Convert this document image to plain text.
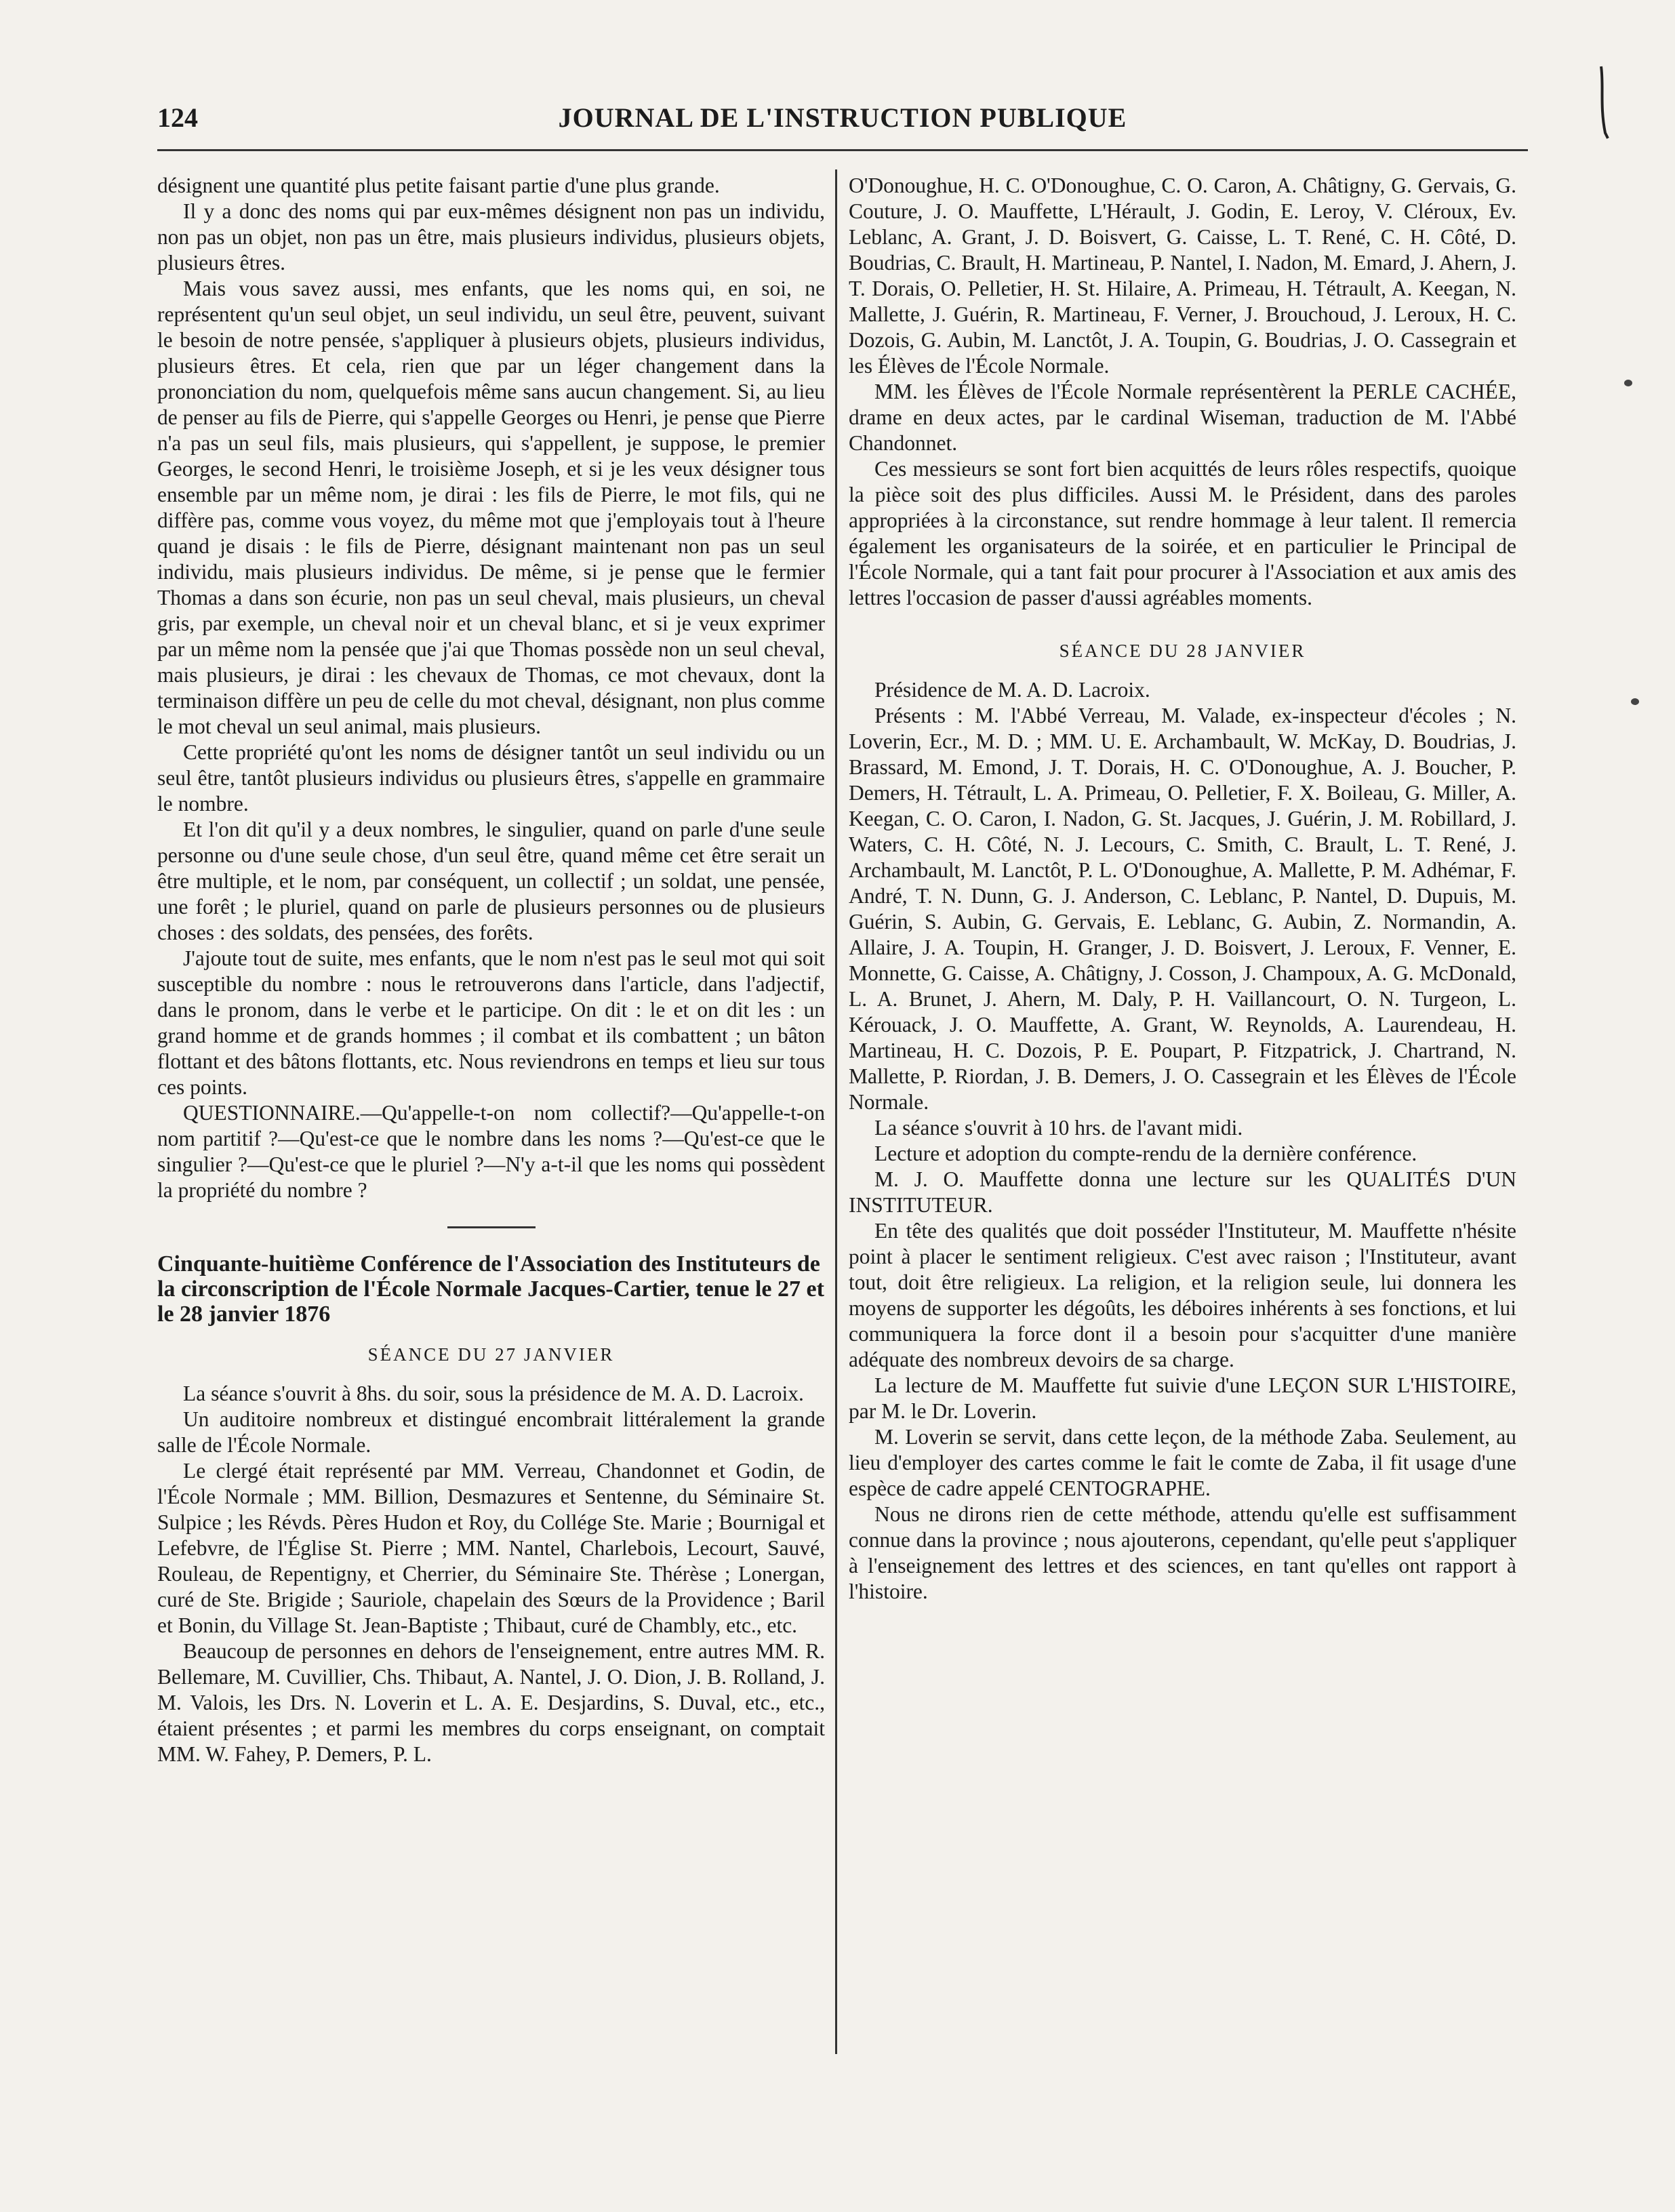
124	JOURNAL DE L'INSTRUCTION PUBLIQUE

désignent une quantité plus petite faisant partie d'une plus grande.

Il y a donc des noms qui par eux-mêmes désignent non pas un individu, non pas un objet, non pas un être, mais plusieurs individus, plusieurs objets, plusieurs êtres.

Mais vous savez aussi, mes enfants, que les noms qui, en soi, ne représentent qu'un seul objet, un seul individu, un seul être, peuvent, suivant le besoin de notre pensée, s'appliquer à plusieurs objets, plusieurs individus, plusieurs êtres. Et cela, rien que par un léger changement dans la prononciation du nom, quelquefois même sans aucun changement. Si, au lieu de penser au fils de Pierre, qui s'appelle Georges ou Henri, je pense que Pierre n'a pas un seul fils, mais plusieurs, qui s'appellent, je suppose, le premier Georges, le second Henri, le troisième Joseph, et si je les veux désigner tous ensemble par un même nom, je dirai : les fils de Pierre, le mot fils, qui ne diffère pas, comme vous voyez, du même mot que j'employais tout à l'heure quand je disais : le fils de Pierre, désignant maintenant non pas un seul individu, mais plusieurs individus. De même, si je pense que le fermier Thomas a dans son écurie, non pas un seul cheval, mais plusieurs, un cheval gris, par exemple, un cheval noir et un cheval blanc, et si je veux exprimer par un même nom la pensée que j'ai que Thomas possède non un seul cheval, mais plusieurs, je dirai : les chevaux de Thomas, ce mot chevaux, dont la terminaison diffère un peu de celle du mot cheval, désignant, non plus comme le mot cheval un seul animal, mais plusieurs.

Cette propriété qu'ont les noms de désigner tantôt un seul individu ou un seul être, tantôt plusieurs individus ou plusieurs êtres, s'appelle en grammaire le nombre.

Et l'on dit qu'il y a deux nombres, le singulier, quand on parle d'une seule personne ou d'une seule chose, d'un seul être, quand même cet être serait un être multiple, et le nom, par conséquent, un collectif ; un soldat, une pensée, une forêt ; le pluriel, quand on parle de plusieurs personnes ou de plusieurs choses : des soldats, des pensées, des forêts.

J'ajoute tout de suite, mes enfants, que le nom n'est pas le seul mot qui soit susceptible du nombre : nous le retrouverons dans l'article, dans l'adjectif, dans le pronom, dans le verbe et le participe. On dit : le et on dit les : un grand homme et de grands hommes ; il combat et ils combattent ; un bâton flottant et des bâtons flottants, etc. Nous reviendrons en temps et lieu sur tous ces points.

QUESTIONNAIRE.—Qu'appelle-t-on nom collectif?—Qu'appelle-t-on nom partitif ?—Qu'est-ce que le nombre dans les noms ?—Qu'est-ce que le singulier ?—Qu'est-ce que le pluriel ?—N'y a-t-il que les noms qui possèdent la propriété du nombre ?

Cinquante-huitième Conférence de l'Association des Instituteurs de la circonscription de l'École Normale Jacques-Cartier, tenue le 27 et le 28 janvier 1876

SÉANCE DU 27 JANVIER

La séance s'ouvrit à 8hs. du soir, sous la présidence de M. A. D. Lacroix.

Un auditoire nombreux et distingué encombrait littéralement la grande salle de l'École Normale.

Le clergé était représenté par MM. Verreau, Chandonnet et Godin, de l'École Normale ; MM. Billion, Desmazures et Sentenne, du Séminaire St. Sulpice ; les Révds. Pères Hudon et Roy, du Collége Ste. Marie ; Bournigal et Lefebvre, de l'Église St. Pierre ; MM. Nantel, Charlebois, Lecourt, Sauvé, Rouleau, de Repentigny, et Cherrier, du Séminaire Ste. Thérèse ; Lonergan, curé de Ste. Brigide ; Sauriole, chapelain des Sœurs de la Providence ; Baril et Bonin, du Village St. Jean-Baptiste ; Thibaut, curé de Chambly, etc., etc.

Beaucoup de personnes en dehors de l'enseignement, entre autres MM. R. Bellemare, M. Cuvillier, Chs. Thibaut, A. Nantel, J. O. Dion, J. B. Rolland, J. M. Valois, les Drs. N. Loverin et L. A. E. Desjardins, S. Duval, etc., etc., étaient présentes ; et parmi les membres du corps enseignant, on comptait MM. W. Fahey, P. Demers, P. L.

O'Donoughue, H. C. O'Donoughue, C. O. Caron, A. Châtigny, G. Gervais, G. Couture, J. O. Mauffette, L'Hérault, J. Godin, E. Leroy, V. Cléroux, Ev. Leblanc, A. Grant, J. D. Boisvert, G. Caisse, L. T. René, C. H. Côté, D. Boudrias, C. Brault, H. Martineau, P. Nantel, I. Nadon, M. Emard, J. Ahern, J. T. Dorais, O. Pelletier, H. St. Hilaire, A. Primeau, H. Tétrault, A. Keegan, N. Mallette, J. Guérin, R. Martineau, F. Verner, J. Brouchoud, J. Leroux, H. C. Dozois, G. Aubin, M. Lanctôt, J. A. Toupin, G. Boudrias, J. O. Cassegrain et les Élèves de l'École Normale.

MM. les Élèves de l'École Normale représentèrent la PERLE CACHÉE, drame en deux actes, par le cardinal Wiseman, traduction de M. l'Abbé Chandonnet.

Ces messieurs se sont fort bien acquittés de leurs rôles respectifs, quoique la pièce soit des plus difficiles. Aussi M. le Président, dans des paroles appropriées à la circonstance, sut rendre hommage à leur talent. Il remercia également les organisateurs de la soirée, et en particulier le Principal de l'École Normale, qui a tant fait pour procurer à l'Association et aux amis des lettres l'occasion de passer d'aussi agréables moments.

SÉANCE DU 28 JANVIER

Présidence de M. A. D. Lacroix.

Présents : M. l'Abbé Verreau, M. Valade, ex-inspecteur d'écoles ; N. Loverin, Ecr., M. D. ; MM. U. E. Archambault, W. McKay, D. Boudrias, J. Brassard, M. Emond, J. T. Dorais, H. C. O'Donoughue, A. J. Boucher, P. Demers, H. Tétrault, L. A. Primeau, O. Pelletier, F. X. Boileau, G. Miller, A. Keegan, C. O. Caron, I. Nadon, G. St. Jacques, J. Guérin, J. M. Robillard, J. Waters, C. H. Côté, N. J. Lecours, C. Smith, C. Brault, L. T. René, J. Archambault, M. Lanctôt, P. L. O'Donoughue, A. Mallette, P. M. Adhémar, F. André, T. N. Dunn, G. J. Anderson, C. Leblanc, P. Nantel, D. Dupuis, M. Guérin, S. Aubin, G. Gervais, E. Leblanc, G. Aubin, Z. Normandin, A. Allaire, J. A. Toupin, H. Granger, J. D. Boisvert, J. Leroux, F. Venner, E. Monnette, G. Caisse, A. Châtigny, J. Cosson, J. Champoux, A. G. McDonald, L. A. Brunet, J. Ahern, M. Daly, P. H. Vaillancourt, O. N. Turgeon, L. Kérouack, J. O. Mauffette, A. Grant, W. Reynolds, A. Laurendeau, H. Martineau, H. C. Dozois, P. E. Poupart, P. Fitzpatrick, J. Chartrand, N. Mallette, P. Riordan, J. B. Demers, J. O. Cassegrain et les Élèves de l'École Normale.

La séance s'ouvrit à 10 hrs. de l'avant midi.

Lecture et adoption du compte-rendu de la dernière conférence.

M. J. O. Mauffette donna une lecture sur les QUALITÉS D'UN INSTITUTEUR.

En tête des qualités que doit posséder l'Instituteur, M. Mauffette n'hésite point à placer le sentiment religieux. C'est avec raison ; l'Instituteur, avant tout, doit être religieux. La religion, et la religion seule, lui donnera les moyens de supporter les dégoûts, les déboires inhérents à ses fonctions, et lui communiquera la force dont il a besoin pour s'acquitter d'une manière adéquate des nombreux devoirs de sa charge.

La lecture de M. Mauffette fut suivie d'une LEÇON SUR L'HISTOIRE, par M. le Dr. Loverin.

M. Loverin se servit, dans cette leçon, de la méthode Zaba. Seulement, au lieu d'employer des cartes comme le fait le comte de Zaba, il fit usage d'une espèce de cadre appelé CENTOGRAPHE.

Nous ne dirons rien de cette méthode, attendu qu'elle est suffisamment connue dans la province ; nous ajouterons, cependant, qu'elle peut s'appliquer à l'enseignement des lettres et des sciences, en tant qu'elles ont rapport à l'histoire.
